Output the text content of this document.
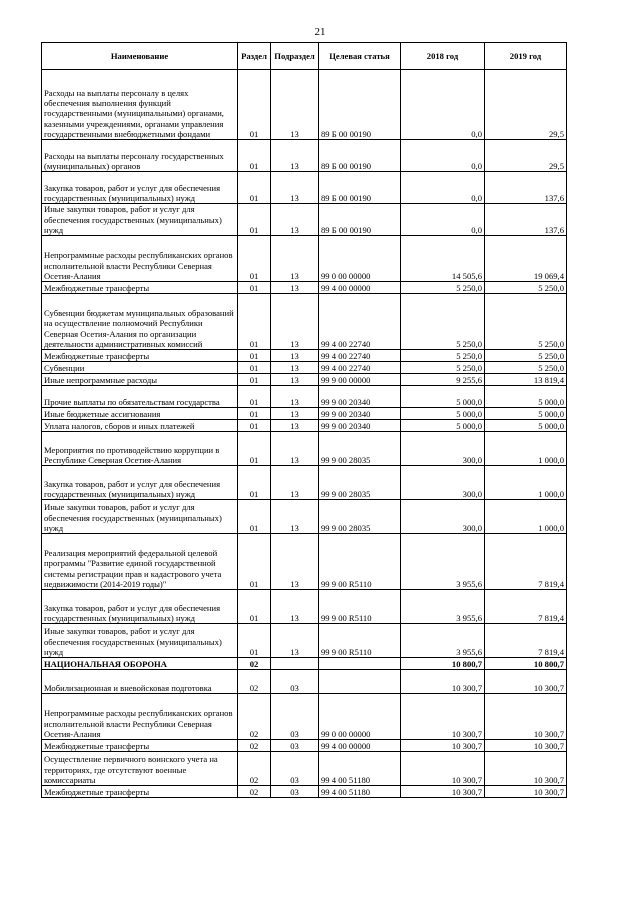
21
Наименование	Раздел	Подраздел	Целевая статья	2018 год	2019 год
Расходы на выплаты персоналу в целях обеспечения выполнения функций государственными (муниципальными) органами, казенными учреждениями, органами управления государственными внебюджетными фондами	01	13	89 Б 00 00190	0,0	29,5
Расходы на выплаты персоналу государственных (муниципальных) органов	01	13	89 Б 00 00190	0,0	29,5
Закупка товаров, работ и услуг для обеспечения государственных (муниципальных) нужд	01	13	89 Б 00 00190	0,0	137,6
Иные закупки товаров, работ и услуг для обеспечения государственных (муниципальных) нужд	01	13	89 Б 00 00190	0,0	137,6
Непрограммные расходы республиканских органов исполнительной власти Республики Северная Осетия-Алания	01	13	99 0 00 00000	14 505,6	19 069,4
Межбюджетные трансферты	01	13	99 4 00 00000	5 250,0	5 250,0
Субвенции бюджетам муниципальных образований на осуществление полномочий Республики Северная Осетия-Алания по организации деятельности административных комиссий	01	13	99 4 00 22740	5 250,0	5 250,0
Межбюджетные трансферты	01	13	99 4 00 22740	5 250,0	5 250,0
Субвенции	01	13	99 4 00 22740	5 250,0	5 250,0
Иные непрограммные расходы	01	13	99 9 00 00000	9 255,6	13 819,4
Прочие выплаты по обязательствам государства	01	13	99 9 00 20340	5 000,0	5 000,0
Иные бюджетные ассигнования	01	13	99 9 00 20340	5 000,0	5 000,0
Уплата налогов, сборов и иных платежей	01	13	99 9 00 20340	5 000,0	5 000,0
Мероприятия по противодействию коррупции в Республике Северная Осетия-Алания	01	13	99 9 00 28035	300,0	1 000,0
Закупка товаров, работ и услуг для обеспечения государственных (муниципальных) нужд	01	13	99 9 00 28035	300,0	1 000,0
Иные закупки товаров, работ и услуг для обеспечения государственных (муниципальных) нужд	01	13	99 9 00 28035	300,0	1 000,0
Реализация мероприятий федеральной целевой программы "Развитие единой государственной системы регистрации прав и кадастрового учета недвижимости (2014-2019 годы)"	01	13	99 9 00 R5110	3 955,6	7 819,4
Закупка товаров, работ и услуг для обеспечения государственных (муниципальных) нужд	01	13	99 9 00 R5110	3 955,6	7 819,4
Иные закупки товаров, работ и услуг для обеспечения государственных (муниципальных) нужд	01	13	99 9 00 R5110	3 955,6	7 819,4
НАЦИОНАЛЬНАЯ ОБОРОНА	02			10 800,7	10 800,7
Мобилизационная и вневойсковая подготовка	02	03		10 300,7	10 300,7
Непрограммные расходы республиканских органов исполнительной власти Республики Северная Осетия-Алания	02	03	99 0 00 00000	10 300,7	10 300,7
Межбюджетные трансферты	02	03	99 4 00 00000	10 300,7	10 300,7
Осуществление первичного воинского учета на территориях, где отсутствуют военные комиссариаты	02	03	99 4 00 51180	10 300,7	10 300,7
Межбюджетные трансферты	02	03	99 4 00 51180	10 300,7	10 300,7
